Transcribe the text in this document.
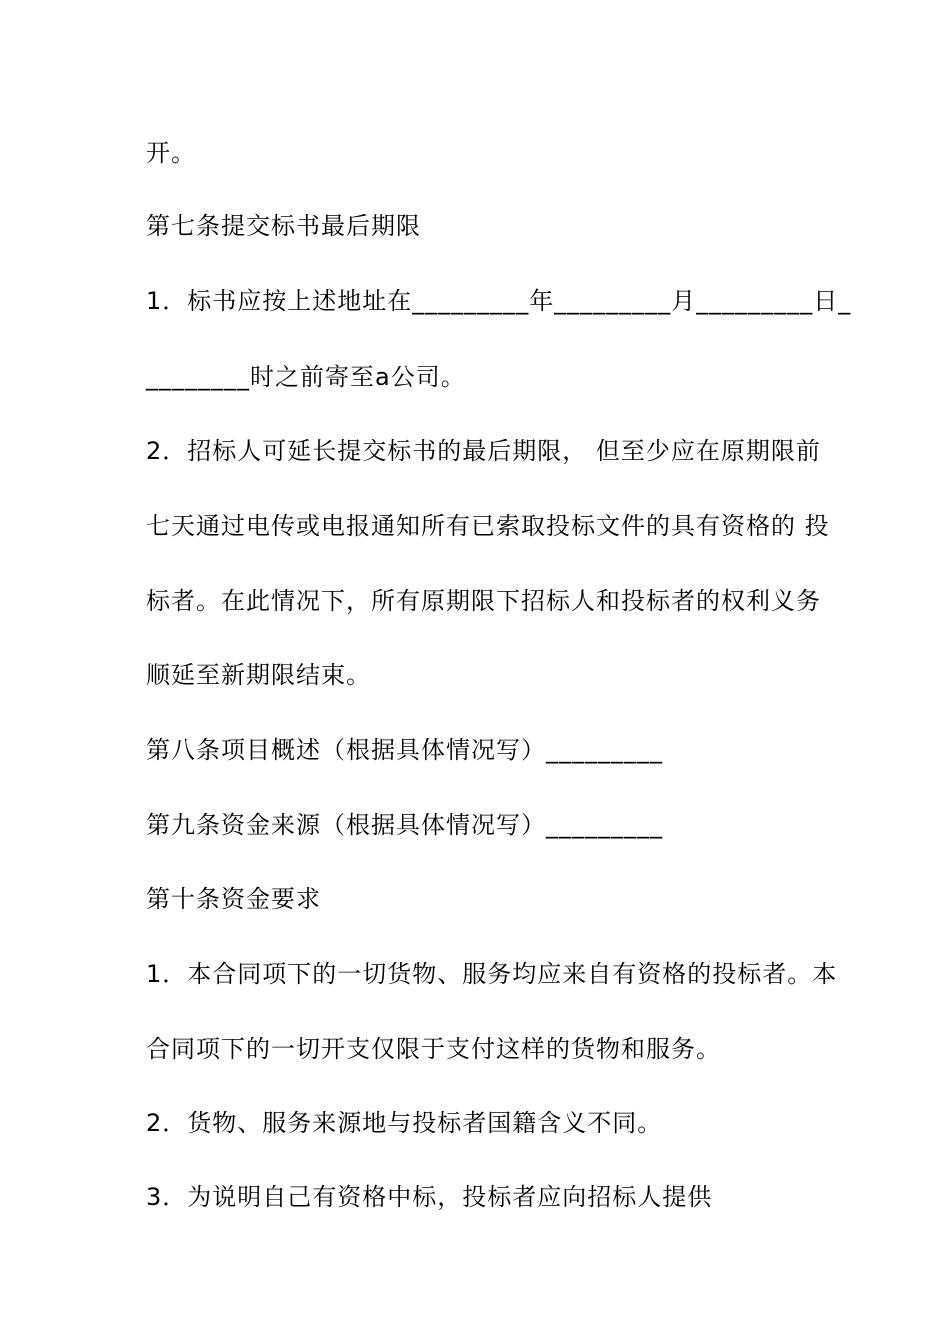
开。
第七条提交标书最后期限
1．标书应按上述地址在_________年_________月_________日_
________时之前寄至a公司。
2．招标人可延长提交标书的最后期限， 但至少应在原期限前
七天通过电传或电报通知所有已索取投标文件的具有资格的 投
标者。在此情况下，所有原期限下招标人和投标者的权利义务
顺延至新期限结束。
第八条项目概述（根据具体情况写）_________
第九条资金来源（根据具体情况写）_________
第十条资金要求
1．本合同项下的一切货物、服务均应来自有资格的投标者。本
合同项下的一切开支仅限于支付这样的货物和服务。
2．货物、服务来源地与投标者国籍含义不同。
3．为说明自己有资格中标，投标者应向招标人提供
